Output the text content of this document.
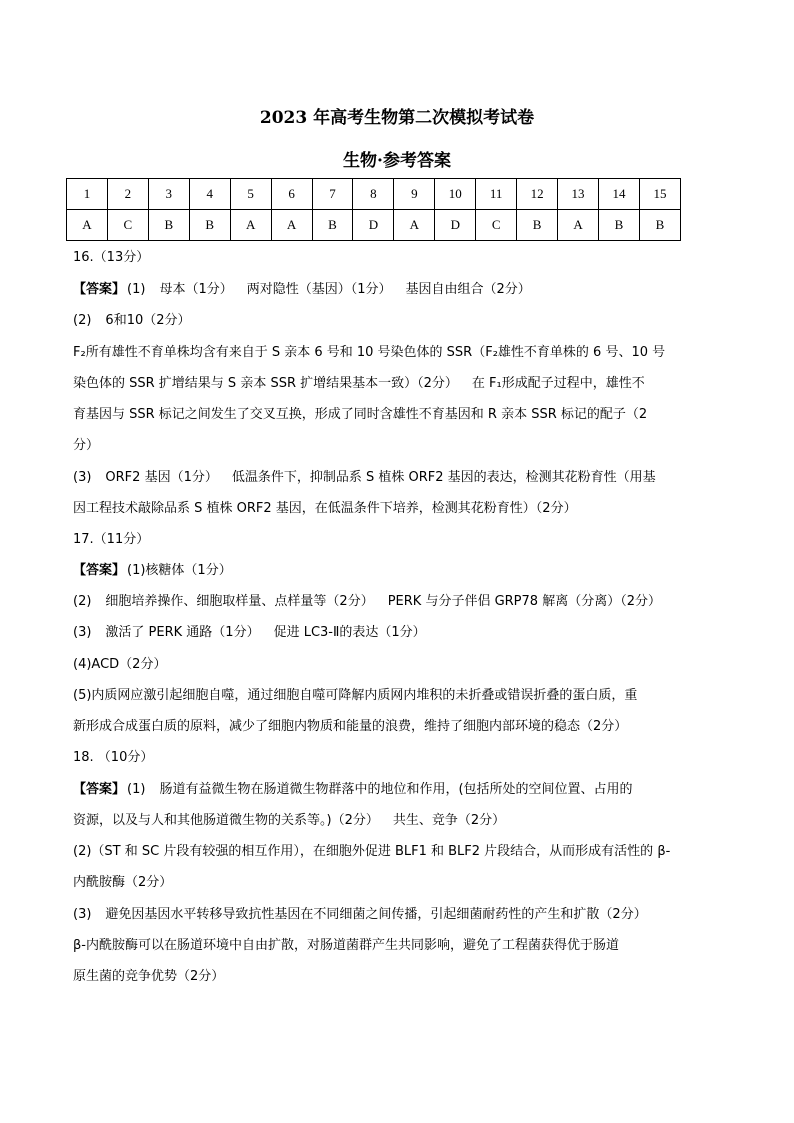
2023 年高考生物第二次模拟考试卷
生物·参考答案
1	2	3	4	5	6	7	8	9	10	11	12	13	14	15
A	C	B	B	A	A	B	D	A	D	C	B	A	B	B
16.（13分）
【答案】 (1) 母本（1分） 两对隐性（基因）（1分） 基因自由组合（2分）
(2) 6和10（2分）
F₂所有雄性不育单株均含有来自于 S 亲本 6 号和 10 号染色体的 SSR（F₂雄性不育单株的 6 号、10 号
染色体的 SSR 扩增结果与 S 亲本 SSR 扩增结果基本一致）（2分） 在 F₁形成配子过程中，雄性不
育基因与 SSR 标记之间发生了交叉互换，形成了同时含雄性不育基因和 R 亲本 SSR 标记的配子（2
分）
(3) ORF2 基因（1分） 低温条件下，抑制品系 S 植株 ORF2 基因的表达，检测其花粉育性（用基
因工程技术敲除品系 S 植株 ORF2 基因，在低温条件下培养，检测其花粉育性）（2分）
17.（11分）
【答案】 (1)核糖体（1分）
(2) 细胞培养操作、细胞取样量、点样量等（2分） PERK 与分子伴侣 GRP78 解离（分离）（2分）
(3) 激活了 PERK 通路（1分） 促进 LC3-Ⅱ的表达（1分）
(4)ACD（2分）
(5)内质网应激引起细胞自噬，通过细胞自噬可降解内质网内堆积的未折叠或错误折叠的蛋白质，重
新形成合成蛋白质的原料，减少了细胞内物质和能量的浪费，维持了细胞内部环境的稳态（2分）
18. （10分）
【答案】 (1) 肠道有益微生物在肠道微生物群落中的地位和作用，(包括所处的空间位置、占用的
资源，以及与人和其他肠道微生物的关系等。)（2分） 共生、竞争（2分）
(2)（ST 和 SC 片段有较强的相互作用），在细胞外促进 BLF1 和 BLF2 片段结合，从而形成有活性的 β-
内酰胺酶（2分）
(3) 避免因基因水平转移导致抗性基因在不同细菌之间传播，引起细菌耐药性的产生和扩散（2分）
β-内酰胺酶可以在肠道环境中自由扩散，对肠道菌群产生共同影响，避免了工程菌获得优于肠道
原生菌的竞争优势（2分）
